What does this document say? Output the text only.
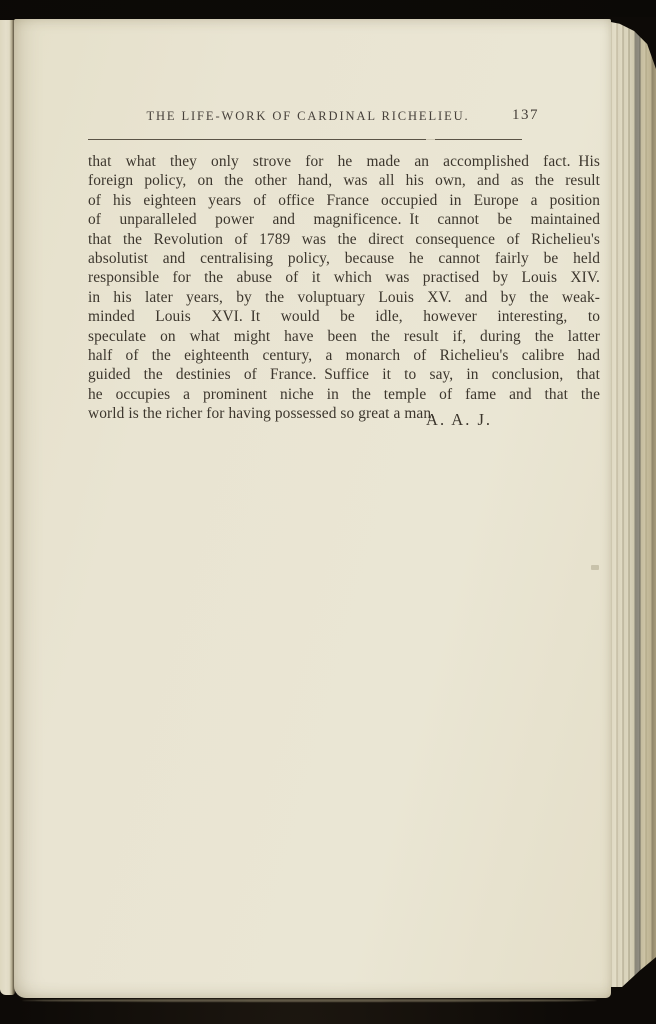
THE LIFE-WORK OF CARDINAL RICHELIEU.	137
that what they only strove for he made an accomplished fact. His
foreign policy, on the other hand, was all his own, and as the result
of his eighteen years of office France occupied in Europe a position
of unparalleled power and magnificence. It cannot be maintained
that the Revolution of 1789 was the direct consequence of Richelieu's
absolutist and centralising policy, because he cannot fairly be held
responsible for the abuse of it which was practised by Louis XIV.
in his later years, by the voluptuary Louis XV. and by the weak-
minded Louis XVI. It would be idle, however interesting, to
speculate on what might have been the result if, during the latter
half of the eighteenth century, a monarch of Richelieu's calibre had
guided the destinies of France. Suffice it to say, in conclusion, that
he occupies a prominent niche in the temple of fame and that the
world is the richer for having possessed so great a man.
A. A. J.
